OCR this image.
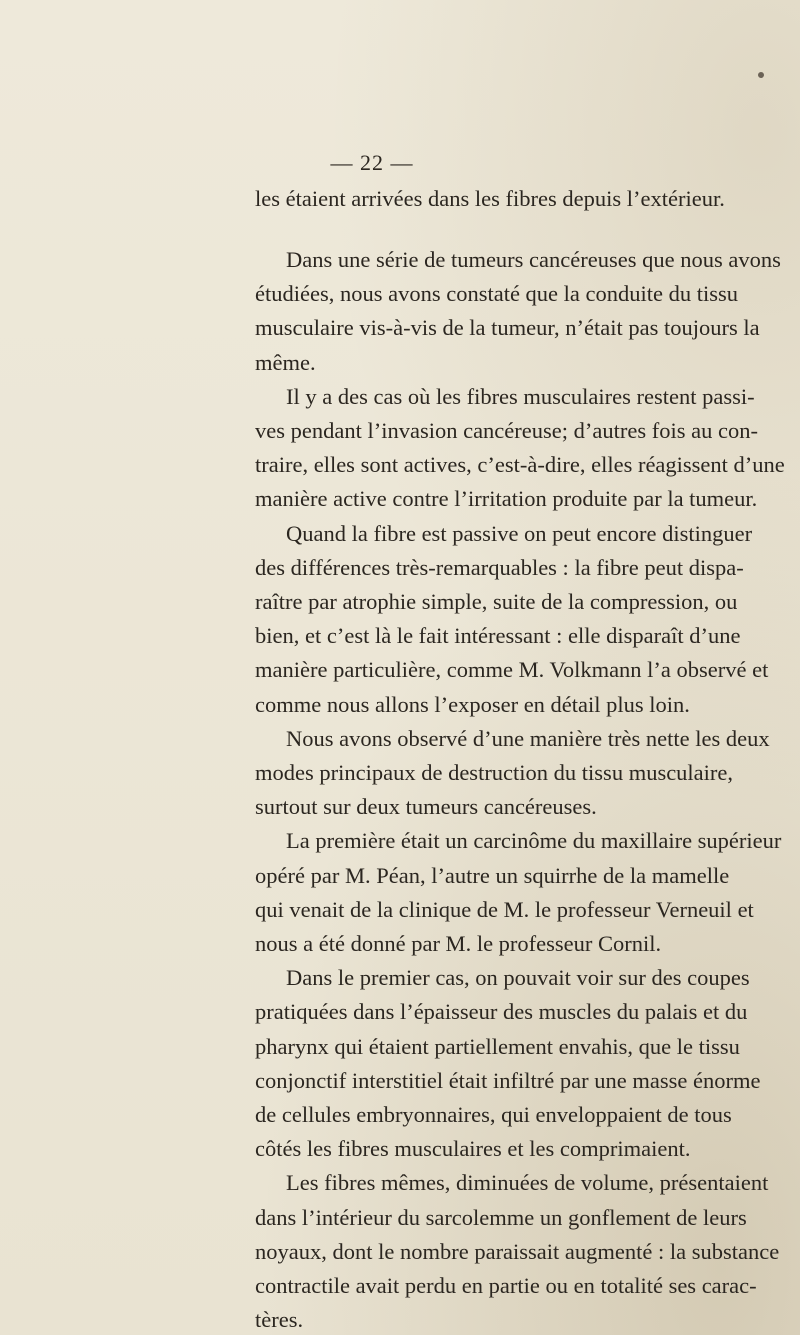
— 22 —
les étaient arrivées dans les fibres depuis l’extérieur.
Dans une série de tumeurs cancéreuses que nous avons
étudiées, nous avons constaté que la conduite du tissu
musculaire vis-à-vis de la tumeur, n’était pas toujours la
même.
Il y a des cas où les fibres musculaires restent passi-
ves pendant l’invasion cancéreuse; d’autres fois au con-
traire, elles sont actives, c’est-à-dire, elles réagissent d’une
manière active contre l’irritation produite par la tumeur.
Quand la fibre est passive on peut encore distinguer
des différences très-remarquables : la fibre peut dispa-
raître par atrophie simple, suite de la compression, ou
bien, et c’est là le fait intéressant : elle disparaît d’une
manière particulière, comme M. Volkmann l’a observé et
comme nous allons l’exposer en détail plus loin.
Nous avons observé d’une manière très nette les deux
modes principaux de destruction du tissu musculaire,
surtout sur deux tumeurs cancéreuses.
La première était un carcinôme du maxillaire supérieur
opéré par M. Péan, l’autre un squirrhe de la mamelle
qui venait de la clinique de M. le professeur Verneuil et
nous a été donné par M. le professeur Cornil.
Dans le premier cas, on pouvait voir sur des coupes
pratiquées dans l’épaisseur des muscles du palais et du
pharynx qui étaient partiellement envahis, que le tissu
conjonctif interstitiel était infiltré par une masse énorme
de cellules embryonnaires, qui enveloppaient de tous
côtés les fibres musculaires et les comprimaient.
Les fibres mêmes, diminuées de volume, présentaient
dans l’intérieur du sarcolemme un gonflement de leurs
noyaux, dont le nombre paraissait augmenté : la substance
contractile avait perdu en partie ou en totalité ses carac-
tères.
